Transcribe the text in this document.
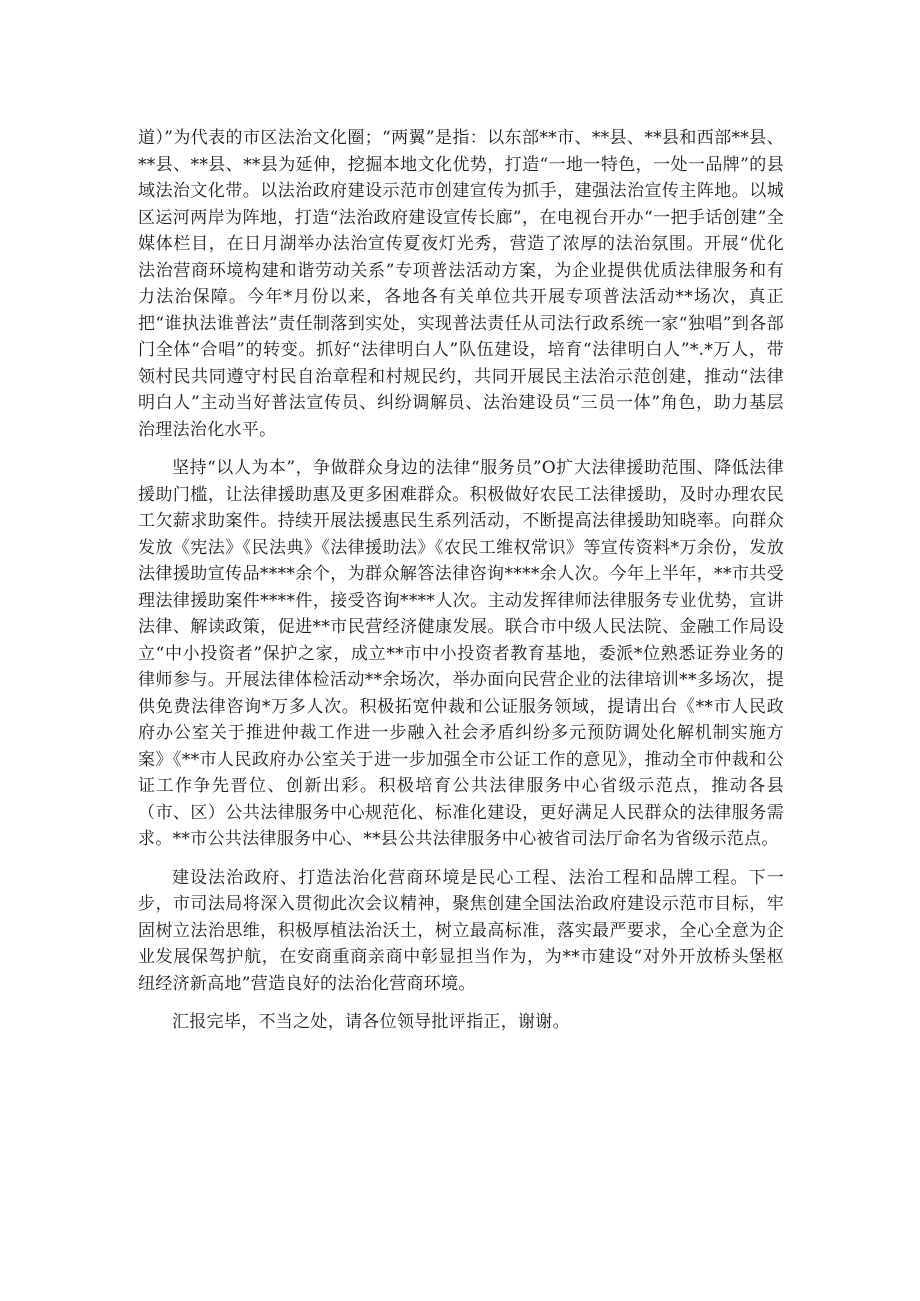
道）”为代表的市区法治文化圈；“两翼”是指：以东部**市、**县、**县和西部**县、**县、**县、**县为延伸，挖掘本地文化优势，打造“一地一特色，一处一品牌”的县域法治文化带。以法治政府建设示范市创建宣传为抓手，建强法治宣传主阵地。以城区运河两岸为阵地，打造“法治政府建设宣传长廊”，在电视台开办“一把手话创建”全媒体栏目，在日月湖举办法治宣传夏夜灯光秀，营造了浓厚的法治氛围。开展“优化法治营商环境构建和谐劳动关系”专项普法活动方案，为企业提供优质法律服务和有力法治保障。今年*月份以来，各地各有关单位共开展专项普法活动**场次，真正把“谁执法谁普法”责任制落到实处，实现普法责任从司法行政系统一家“独唱”到各部门全体“合唱”的转变。抓好“法律明白人”队伍建设，培育“法律明白人”*.*万人，带领村民共同遵守村民自治章程和村规民约，共同开展民主法治示范创建，推动“法律明白人”主动当好普法宣传员、纠纷调解员、法治建设员“三员一体”角色，助力基层治理法治化水平。

坚持“以人为本”，争做群众身边的法律“服务员”O扩大法律援助范围、降低法律援助门槛，让法律援助惠及更多困难群众。积极做好农民工法律援助，及时办理农民工欠薪求助案件。持续开展法援惠民生系列活动，不断提高法律援助知晓率。向群众发放《宪法》《民法典》《法律援助法》《农民工维权常识》等宣传资料*万余份，发放法律援助宣传品****余个，为群众解答法律咨询****余人次。今年上半年，**市共受理法律援助案件****件，接受咨询****人次。主动发挥律师法律服务专业优势，宣讲法律、解读政策，促进**市民营经济健康发展。联合市中级人民法院、金融工作局设立“中小投资者”保护之家，成立**市中小投资者教育基地，委派*位熟悉证券业务的律师参与。开展法律体检活动**余场次，举办面向民营企业的法律培训**多场次，提供免费法律咨询*万多人次。积极拓宽仲裁和公证服务领域，提请出台《**市人民政府办公室关于推进仲裁工作进一步融入社会矛盾纠纷多元预防调处化解机制实施方案》《**市人民政府办公室关于进一步加强全市公证工作的意见》，推动全市仲裁和公证工作争先晋位、创新出彩。积极培育公共法律服务中心省级示范点，推动各县（市、区）公共法律服务中心规范化、标准化建设，更好满足人民群众的法律服务需求。**市公共法律服务中心、**县公共法律服务中心被省司法厅命名为省级示范点。

建设法治政府、打造法治化营商环境是民心工程、法治工程和品牌工程。下一步，市司法局将深入贯彻此次会议精神，聚焦创建全国法治政府建设示范市目标，牢固树立法治思维，积极厚植法治沃土，树立最高标准，落实最严要求，全心全意为企业发展保驾护航，在安商重商亲商中彰显担当作为，为**市建设“对外开放桥头堡枢纽经济新高地”营造良好的法治化营商环境。

汇报完毕，不当之处，请各位领导批评指正，谢谢。
